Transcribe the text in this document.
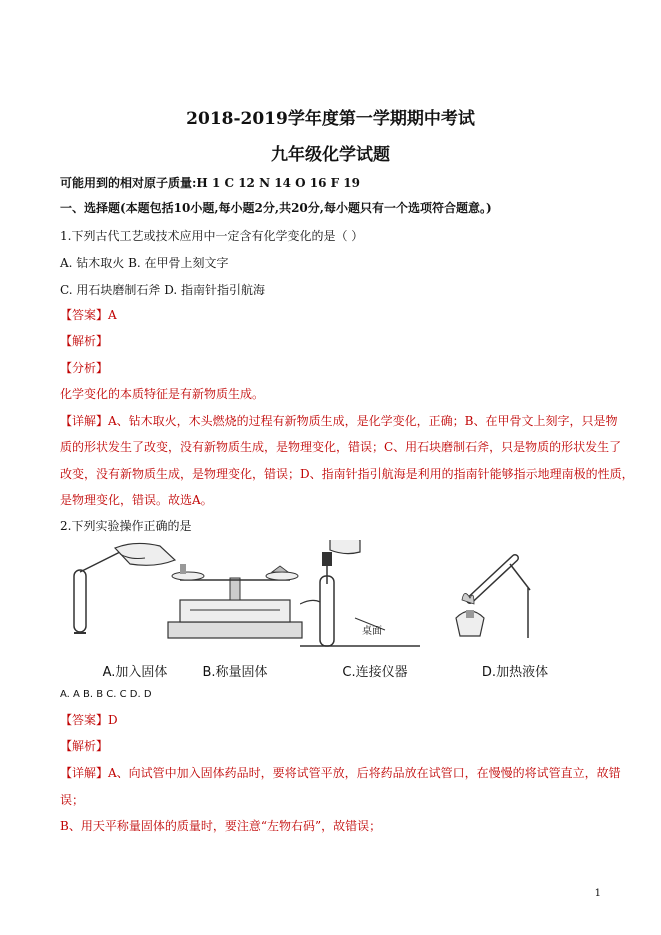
2018-2019学年度第一学期期中考试
九年级化学试题
可能用到的相对原子质量:H 1 C 12 N 14 O 16 F 19
一、选择题(本题包括10小题,每小题2分,共20分,每小题只有一个选项符合题意。)
1.下列古代工艺或技术应用中一定含有化学变化的是（ ）
A. 钻木取火 B. 在甲骨上刻文字
C. 用石块磨制石斧 D. 指南针指引航海
【答案】A
【解析】
【分析】
化学变化的本质特征是有新物质生成。
【详解】A、钻木取火，木头燃烧的过程有新物质生成，是化学变化，正确；B、在甲骨文上刻字，只是物
质的形状发生了改变，没有新物质生成，是物理变化，错误；C、用石块磨制石斧，只是物质的形状发生了
改变，没有新物质生成，是物理变化，错误；D、指南针指引航海是利用的指南针能够指示地理南极的性质，
是物理变化，错误。故选A。
2.下列实验操作正确的是
A.加入固体	B.称量固体
桌面
C.连接仪器	D.加热液体
A. A B. B C. C D. D
【答案】D
【解析】
【详解】A、向试管中加入固体药品时，要将试管平放，后将药品放在试管口，在慢慢的将试管直立，故错
误；
B、用天平称量固体的质量时，要注意“左物右码”，故错误；
1
